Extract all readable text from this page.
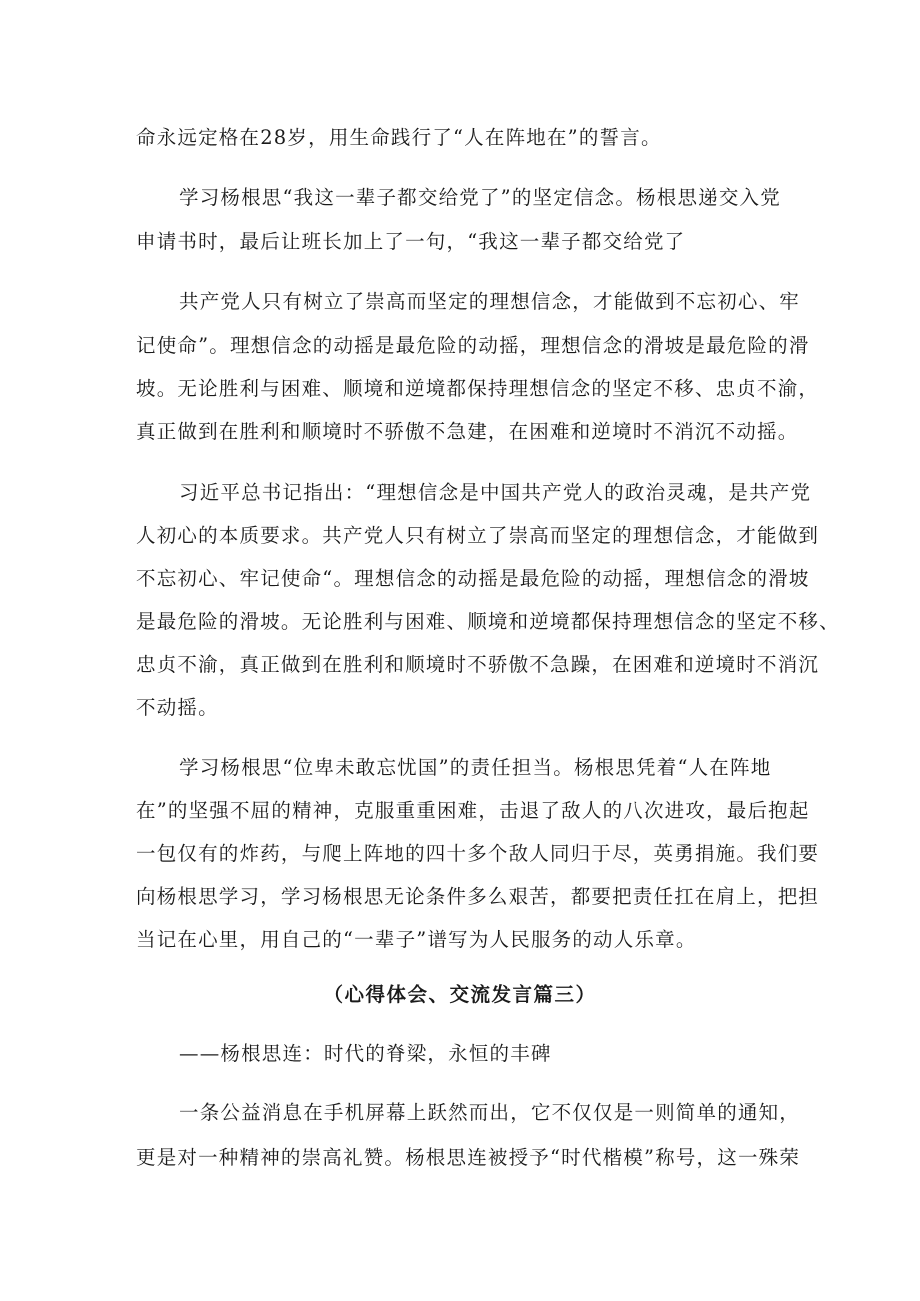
命永远定格在28岁，用生命践行了“人在阵地在”的誓言。
学习杨根思“我这一辈子都交给党了”的坚定信念。杨根思递交入党
申请书时，最后让班长加上了一句，“我这一辈子都交给党了
共产党人只有树立了崇高而坚定的理想信念，才能做到不忘初心、牢
记使命”。理想信念的动摇是最危险的动摇，理想信念的滑坡是最危险的滑
坡。无论胜利与困难、顺境和逆境都保持理想信念的坚定不移、忠贞不渝，
真正做到在胜利和顺境时不骄傲不急建，在困难和逆境时不消沉不动摇。
习近平总书记指出：“理想信念是中国共产党人的政治灵魂，是共产党
人初心的本质要求。共产党人只有树立了崇高而坚定的理想信念，才能做到
不忘初心、牢记使命“。理想信念的动摇是最危险的动摇，理想信念的滑坡
是最危险的滑坡。无论胜利与困难、顺境和逆境都保持理想信念的坚定不移、
忠贞不渝，真正做到在胜利和顺境时不骄傲不急躁，在困难和逆境时不消沉
不动摇。
学习杨根思“位卑未敢忘忧国”的责任担当。杨根思凭着“人在阵地
在”的坚强不屈的精神，克服重重困难，击退了敌人的八次进攻，最后抱起
一包仅有的炸药，与爬上阵地的四十多个敌人同归于尽，英勇捐施。我们要
向杨根思学习，学习杨根思无论条件多么艰苦，都要把责任扛在肩上，把担
当记在心里，用自己的“一辈子”谱写为人民服务的动人乐章。
（心得体会、交流发言篇三）
——杨根思连：时代的脊梁，永恒的丰碑
一条公益消息在手机屏幕上跃然而出，它不仅仅是一则简单的通知，
更是对一种精神的崇高礼赞。杨根思连被授予“时代楷模”称号，这一殊荣
